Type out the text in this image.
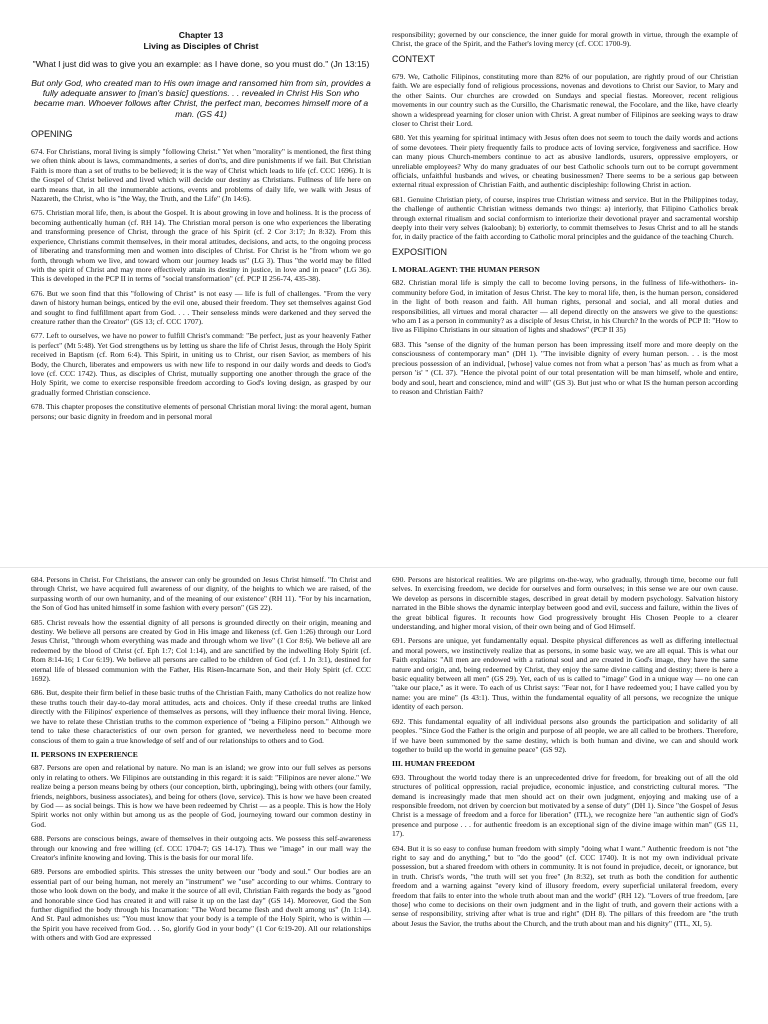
Chapter 13
Living as Disciples of Christ
"What I just did was to give you an example: as I have done, so you must do." (Jn 13:15)
But only God, who created man to His own image and ransomed him from sin, provides a fully adequate answer to [man's basic] questions. . . revealed in Christ His Son who became man. Whoever follows after Christ, the perfect man, becomes himself more of a man. (GS 41)
OPENING

674. For Christians, moral living is simply "following Christ." Yet when "morality" is mentioned, the first thing we often think about is laws, commandments, a series of don'ts, and dire punishments if we fail. But Christian Faith is more than a set of truths to be believed; it is the way of Christ which leads to life (cf. CCC 1696). It is the Gospel of Christ believed and lived which will decide our destiny as Christians. Fullness of life here on earth means that, in all the innumerable actions, events and problems of daily life, we walk with Jesus of Nazareth, the Christ, who is "the Way, the Truth, and the Life" (Jn 14:6).

675. Christian moral life, then, is about the Gospel. It is about growing in love and holiness. It is the process of becoming authentically human (cf. RH 14). The Christian moral person is one who experiences the liberating and transforming presence of Christ, through the grace of his Spirit (cf. 2 Cor 3:17; Jn 8:32). From this experience, Christians commit themselves, in their moral attitudes, decisions, and acts, to the ongoing process of liberating and transforming men and women into disciples of Christ. For Christ is he "from whom we go forth, through whom we live, and toward whom our journey leads us" (LG 3). Thus "the world may be filled with the spirit of Christ and may more effectively attain its destiny in justice, in love and in peace" (LG 36). This is developed in the PCP II in terms of "social transformation" (cf. PCP II 256-74, 435-38).

676. But we soon find that this "following of Christ" is not easy — life is full of challenges. "From the very dawn of history human beings, enticed by the evil one, abused their freedom. They set themselves against God and sought to find fulfillment apart from God. . . . Their senseless minds were darkened and they served the creature rather than the Creator" (GS 13; cf. CCC 1707).

677. Left to ourselves, we have no power to fulfill Christ's command: "Be perfect, just as your heavenly Father is perfect" (Mt 5:48). Yet God strengthens us by letting us share the life of Christ Jesus, through the Holy Spirit received in Baptism (cf. Rom 6:4). This Spirit, in uniting us to Christ, our risen Savior, as members of his Body, the Church, liberates and empowers us with new life to respond in our daily words and deeds to God's love (cf. CCC 1742). Thus, as disciples of Christ, mutually supporting one another through the grace of the Holy Spirit, we come to exercise responsible freedom according to God's loving design, as grasped by our gradually formed Christian conscience.

678. This chapter proposes the constitutive elements of personal Christian moral living: the moral agent, human persons; our basic dignity in freedom and in personal moral

responsibility; governed by our conscience, the inner guide for moral growth in virtue, through the example of Christ, the grace of the Spirit, and the Father's loving mercy (cf. CCC 1700-9).

CONTEXT

679. We, Catholic Filipinos, constituting more than 82% of our population, are rightly proud of our Christian faith. We are especially fond of religious processions, novenas and devotions to Christ our Savior, to Mary and the other Saints. Our churches are crowded on Sundays and special fiestas. Moreover, recent religious movements in our country such as the Cursillo, the Charismatic renewal, the Focolare, and the like, have clearly shown a widespread yearning for closer union with Christ. A great number of Filipinos are seeking ways to draw closer to Christ their Lord.

680. Yet this yearning for spiritual intimacy with Jesus often does not seem to touch the daily words and actions of some devotees. Their piety frequently fails to produce acts of loving service, forgiveness and sacrifice. How can many pious Church-members continue to act as abusive landlords, usurers, oppressive employers, or unreliable employees? Why do many graduates of our best Catholic schools turn out to be corrupt government officials, unfaithful husbands and wives, or cheating businessmen? There seems to be a serious gap between external ritual expression of Christian Faith, and authentic discipleship: following Christ in action.

681. Genuine Christian piety, of course, inspires true Christian witness and service. But in the Philippines today, the challenge of authentic Christian witness demands two things: a) interiorly, that Filipino Catholics break through external ritualism and social conformism to interiorize their devotional prayer and sacramental worship deeply into their very selves (kalooban); b) exteriorly, to commit themselves to Jesus Christ and to all he stands for, in daily practice of the faith according to Catholic moral principles and the guidance of the teaching Church.

EXPOSITION
I. MORAL AGENT: THE HUMAN PERSON

682. Christian moral life is simply the call to become loving persons, in the fullness of life-withothers- in-community before God, in imitation of Jesus Christ. The key to moral life, then, is the human person, considered in the light of both reason and faith. All human rights, personal and social, and all moral duties and responsibilities, all virtues and moral character — all depend directly on the answers we give to the questions: who am I as a person in community? as a disciple of Jesus Christ, in his Church? In the words of PCP II: "How to live as Filipino Christians in our situation of lights and shadows" (PCP II 35)

683. This "sense of the dignity of the human person has been impressing itself more and more deeply on the consciousness of contemporary man" (DH 1). "The invisible dignity of every human person. . . is the most precious possession of an individual, [whose] value comes not from what a person 'has' as much as from what a person 'is' " (CL 37). "Hence the pivotal point of our total presentation will be man himself, whole and entire, body and soul, heart and conscience, mind and will" (GS 3). But just who or what IS the human person according to reason and Christian Faith?

684. Persons in Christ. For Christians, the answer can only be grounded on Jesus Christ himself. "In Christ and through Christ, we have acquired full awareness of our dignity, of the heights to which we are raised, of the surpassing worth of our own humanity, and of the meaning of our existence" (RH 11). "For by his incarnation, the Son of God has united himself in some fashion with every person" (GS 22).

685. Christ reveals how the essential dignity of all persons is grounded directly on their origin, meaning and destiny. We believe all persons are created by God in His image and likeness (cf. Gen 1:26) through our Lord Jesus Christ, "through whom everything was made and through whom we live" (1 Cor 8:6). We believe all are redeemed by the blood of Christ (cf. Eph 1:7; Col 1:14), and are sanctified by the indwelling Holy Spirit (cf. Rom 8:14-16; 1 Cor 6:19). We believe all persons are called to be children of God (cf. 1 Jn 3:1), destined for eternal life of blessed communion with the Father, His Risen-Incarnate Son, and their Holy Spirit (cf. CCC 1692).

686. But, despite their firm belief in these basic truths of the Christian Faith, many Catholics do not realize how these truths touch their day-to-day moral attitudes, acts and choices. Only if these creedal truths are linked directly with the Filipinos' experience of themselves as persons, will they influence their moral living. Hence, we have to relate these Christian truths to the common experience of "being a Filipino person." Although we tend to take these characteristics of our own person for granted, we nevertheless need to become more conscious of them to gain a true knowledge of self and of our relationships to others and to God.

II. PERSONS IN EXPERIENCE

687. Persons are open and relational by nature. No man is an island; we grow into our full selves as persons only in relating to others. We Filipinos are outstanding in this regard: it is said: "Filipinos are never alone." We realize being a person means being by others (our conception, birth, upbringing), being with others (our family, friends, neighbors, business associates), and being for others (love, service). This is how we have been created by God — as social beings. This is how we have been redeemed by Christ — as a people. This is how the Holy Spirit works not only within but among us as the people of God, journeying toward our common destiny in God.

688. Persons are conscious beings, aware of themselves in their outgoing acts. We possess this self-awareness through our knowing and free willing (cf. CCC 1704-7; GS 14-17). Thus we "image" in our mall way the Creator's infinite knowing and loving. This is the basis for our moral life.

689. Persons are embodied spirits. This stresses the unity between our "body and soul." Our bodies are an essential part of our being human, not merely an "instrument" we "use" according to our whims. Contrary to those who look down on the body, and make it the source of all evil, Christian Faith regards the body as "good and honorable since God has created it and will raise it up on the last day" (GS 14). Moreover, God the Son further dignified the body through his Incarnation: "The Word became flesh and dwelt among us" (Jn 1:14). And St. Paul admonishes us: "You must know that your body is a temple of the Holy Spirit, who is within — the Spirit you have received from God. . . So, glorify God in your body" (1 Cor 6:19-20). All our relationships with others and with God are expressed

690. Persons are historical realities. We are pilgrims on-the-way, who gradually, through time, become our full selves. In exercising freedom, we decide for ourselves and form ourselves; in this sense we are our own cause. We develop as persons in discernible stages, described in great detail by modern psychology. Salvation history narrated in the Bible shows the dynamic interplay between good and evil, success and failure, within the lives of the great biblical figures. It recounts how God progressively brought His Chosen People to a clearer understanding, and higher moral vision, of their own being and of God Himself.

691. Persons are unique, yet fundamentally equal. Despite physical differences as well as differing intellectual and moral powers, we instinctively realize that as persons, in some basic way, we are all equal. This is what our Faith explains: "All men are endowed with a rational soul and are created in God's image, they have the same nature and origin, and, being redeemed by Christ, they enjoy the same divine calling and destiny; there is here a basic equality between all men" (GS 29). Yet, each of us is called to "image" God in a unique way — no one can "take our place," as it were. To each of us Christ says: "Fear not, for I have redeemed you; I have called you by name: you are mine" (Is 43:1). Thus, within the fundamental equality of all persons, we recognize the unique identity of each person.

692. This fundamental equality of all individual persons also grounds the participation and solidarity of all peoples. "Since God the Father is the origin and purpose of all people, we are all called to be brothers. Therefore, if we have been summoned by the same destiny, which is both human and divine, we can and should work together to build up the world in genuine peace" (GS 92).

III. HUMAN FREEDOM

693. Throughout the world today there is an unprecedented drive for freedom, for breaking out of all the old structures of political oppression, racial prejudice, economic injustice, and constricting cultural mores. "The demand is increasingly made that men should act on their own judgment, enjoying and making use of a responsible freedom, not driven by coercion but motivated by a sense of duty" (DH 1). Since "the Gospel of Jesus Christ is a message of freedom and a force for liberation" (ITL), we recognize here "an authentic sign of God's presence and purpose . . . for authentic freedom is an exceptional sign of the divine image within man" (GS 11, 17).

694. But it is so easy to confuse human freedom with simply "doing what I want." Authentic freedom is not "the right to say and do anything," but to "do the good" (cf. CCC 1740). It is not my own individual private possession, but a shared freedom with others in community. It is not found in prejudice, deceit, or ignorance, but in truth. Christ's words, "the truth will set you free" (Jn 8:32), set truth as both the condition for authentic freedom and a warning against "every kind of illusory freedom, every superficial unilateral freedom, every freedom that fails to enter into the whole truth about man and the world" (RH 12). "Lovers of true freedom, [are those] who come to decisions on their own judgment and in the light of truth, and govern their actions with a sense of responsibility, striving after what is true and right" (DH 8). The pillars of this freedom are "the truth about Jesus the Savior, the truths about the Church, and the truth about man and his dignity" (ITL, XI, 5).
